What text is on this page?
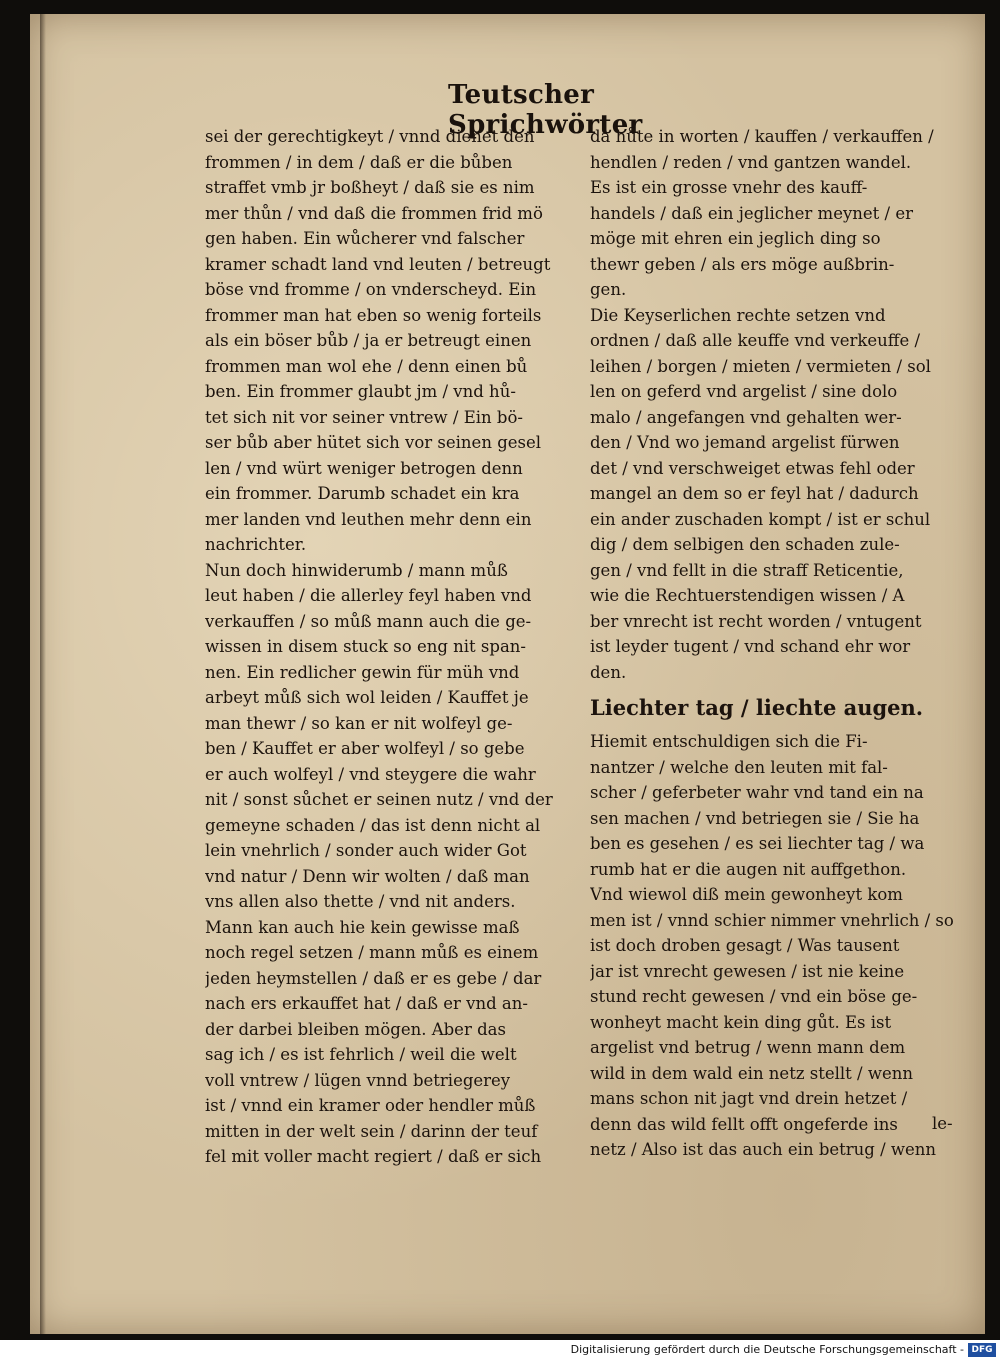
Teutscher Sprichwörter
sei der gerechtigkeyt / vnnd dienet den
frommen / in dem / daß er die bůben
straffet vmb jr boßheyt / daß sie es nim
mer thůn / vnd daß die frommen frid mö
gen haben. Ein wůcherer vnd falscher
kramer schadt land vnd leuten / betreugt
böse vnd fromme / on vnderscheyd. Ein
frommer man hat eben so wenig forteils
als ein böser bůb / ja er betreugt einen
frommen man wol ehe / denn einen bů
ben. Ein frommer glaubt jm / vnd hů-
tet sich nit vor seiner vntrew / Ein bö-
ser bůb aber hütet sich vor seinen gesel
len / vnd würt weniger betrogen denn
ein frommer. Darumb schadet ein kra
mer landen vnd leuthen mehr denn ein
nachrichter.
Nun doch hinwiderumb / mann můß
leut haben / die allerley feyl haben vnd
verkauffen / so můß mann auch die ge-
wissen in disem stuck so eng nit span-
nen. Ein redlicher gewin für müh vnd
arbeyt můß sich wol leiden / Kauffet je
man thewr / so kan er nit wolfeyl ge-
ben / Kauffet er aber wolfeyl / so gebe
er auch wolfeyl / vnd steygere die wahr
nit / sonst sůchet er seinen nutz / vnd der
gemeyne schaden / das ist denn nicht al
lein vnehrlich / sonder auch wider Got
vnd natur / Denn wir wolten / daß man
vns allen also thette / vnd nit anders.
Mann kan auch hie kein gewisse maß
noch regel setzen / mann můß es einem
jeden heymstellen / daß er es gebe / dar
nach ers erkauffet hat / daß er vnd an-
der darbei bleiben mögen. Aber das
sag ich / es ist fehrlich / weil die welt
voll vntrew / lügen vnnd betriegerey
ist / vnnd ein kramer oder hendler můß
mitten in der welt sein / darinn der teuf
fel mit voller macht regiert / daß er sich
da hůte in worten / kauffen / verkauffen /
hendlen / reden / vnd gantzen wandel.
Es ist ein grosse vnehr des kauff-
handels / daß ein jeglicher meynet / er
möge mit ehren ein jeglich ding so
thewr geben / als ers möge außbrin-
gen.
Die Keyserlichen rechte setzen vnd
ordnen / daß alle keuffe vnd verkeuffe /
leihen / borgen / mieten / vermieten / sol
len on geferd vnd argelist / sine dolo
malo / angefangen vnd gehalten wer-
den / Vnd wo jemand argelist fürwen
det / vnd verschweiget etwas fehl oder
mangel an dem so er feyl hat / dadurch
ein ander zuschaden kompt / ist er schul
dig / dem selbigen den schaden zule-
gen / vnd fellt in die straff Reticentie,
wie die Rechtuerstendigen wissen / A
ber vnrecht ist recht worden / vntugent
ist leyder tugent / vnd schand ehr wor
den.
Liechter tag / liechte augen.
Hiemit entschuldigen sich die Fi-
nantzer / welche den leuten mit fal-
scher / geferbeter wahr vnd tand ein na
sen machen / vnd betriegen sie / Sie ha
ben es gesehen / es sei liechter tag / wa
rumb hat er die augen nit auffgethon.
Vnd wiewol diß mein gewonheyt kom
men ist / vnnd schier nimmer vnehrlich / so
ist doch droben gesagt / Was tausent
jar ist vnrecht gewesen / ist nie keine
stund recht gewesen / vnd ein böse ge-
wonheyt macht kein ding gůt. Es ist
argelist vnd betrug / wenn mann dem
wild in dem wald ein netz stellt / wenn
mans schon nit jagt vnd drein hetzet /
denn das wild fellt offt ongeferde ins
netz / Also ist das auch ein betrug / wenn
le-
Digitalisierung gefördert durch die Deutsche Forschungsgemeinschaft - DFG
